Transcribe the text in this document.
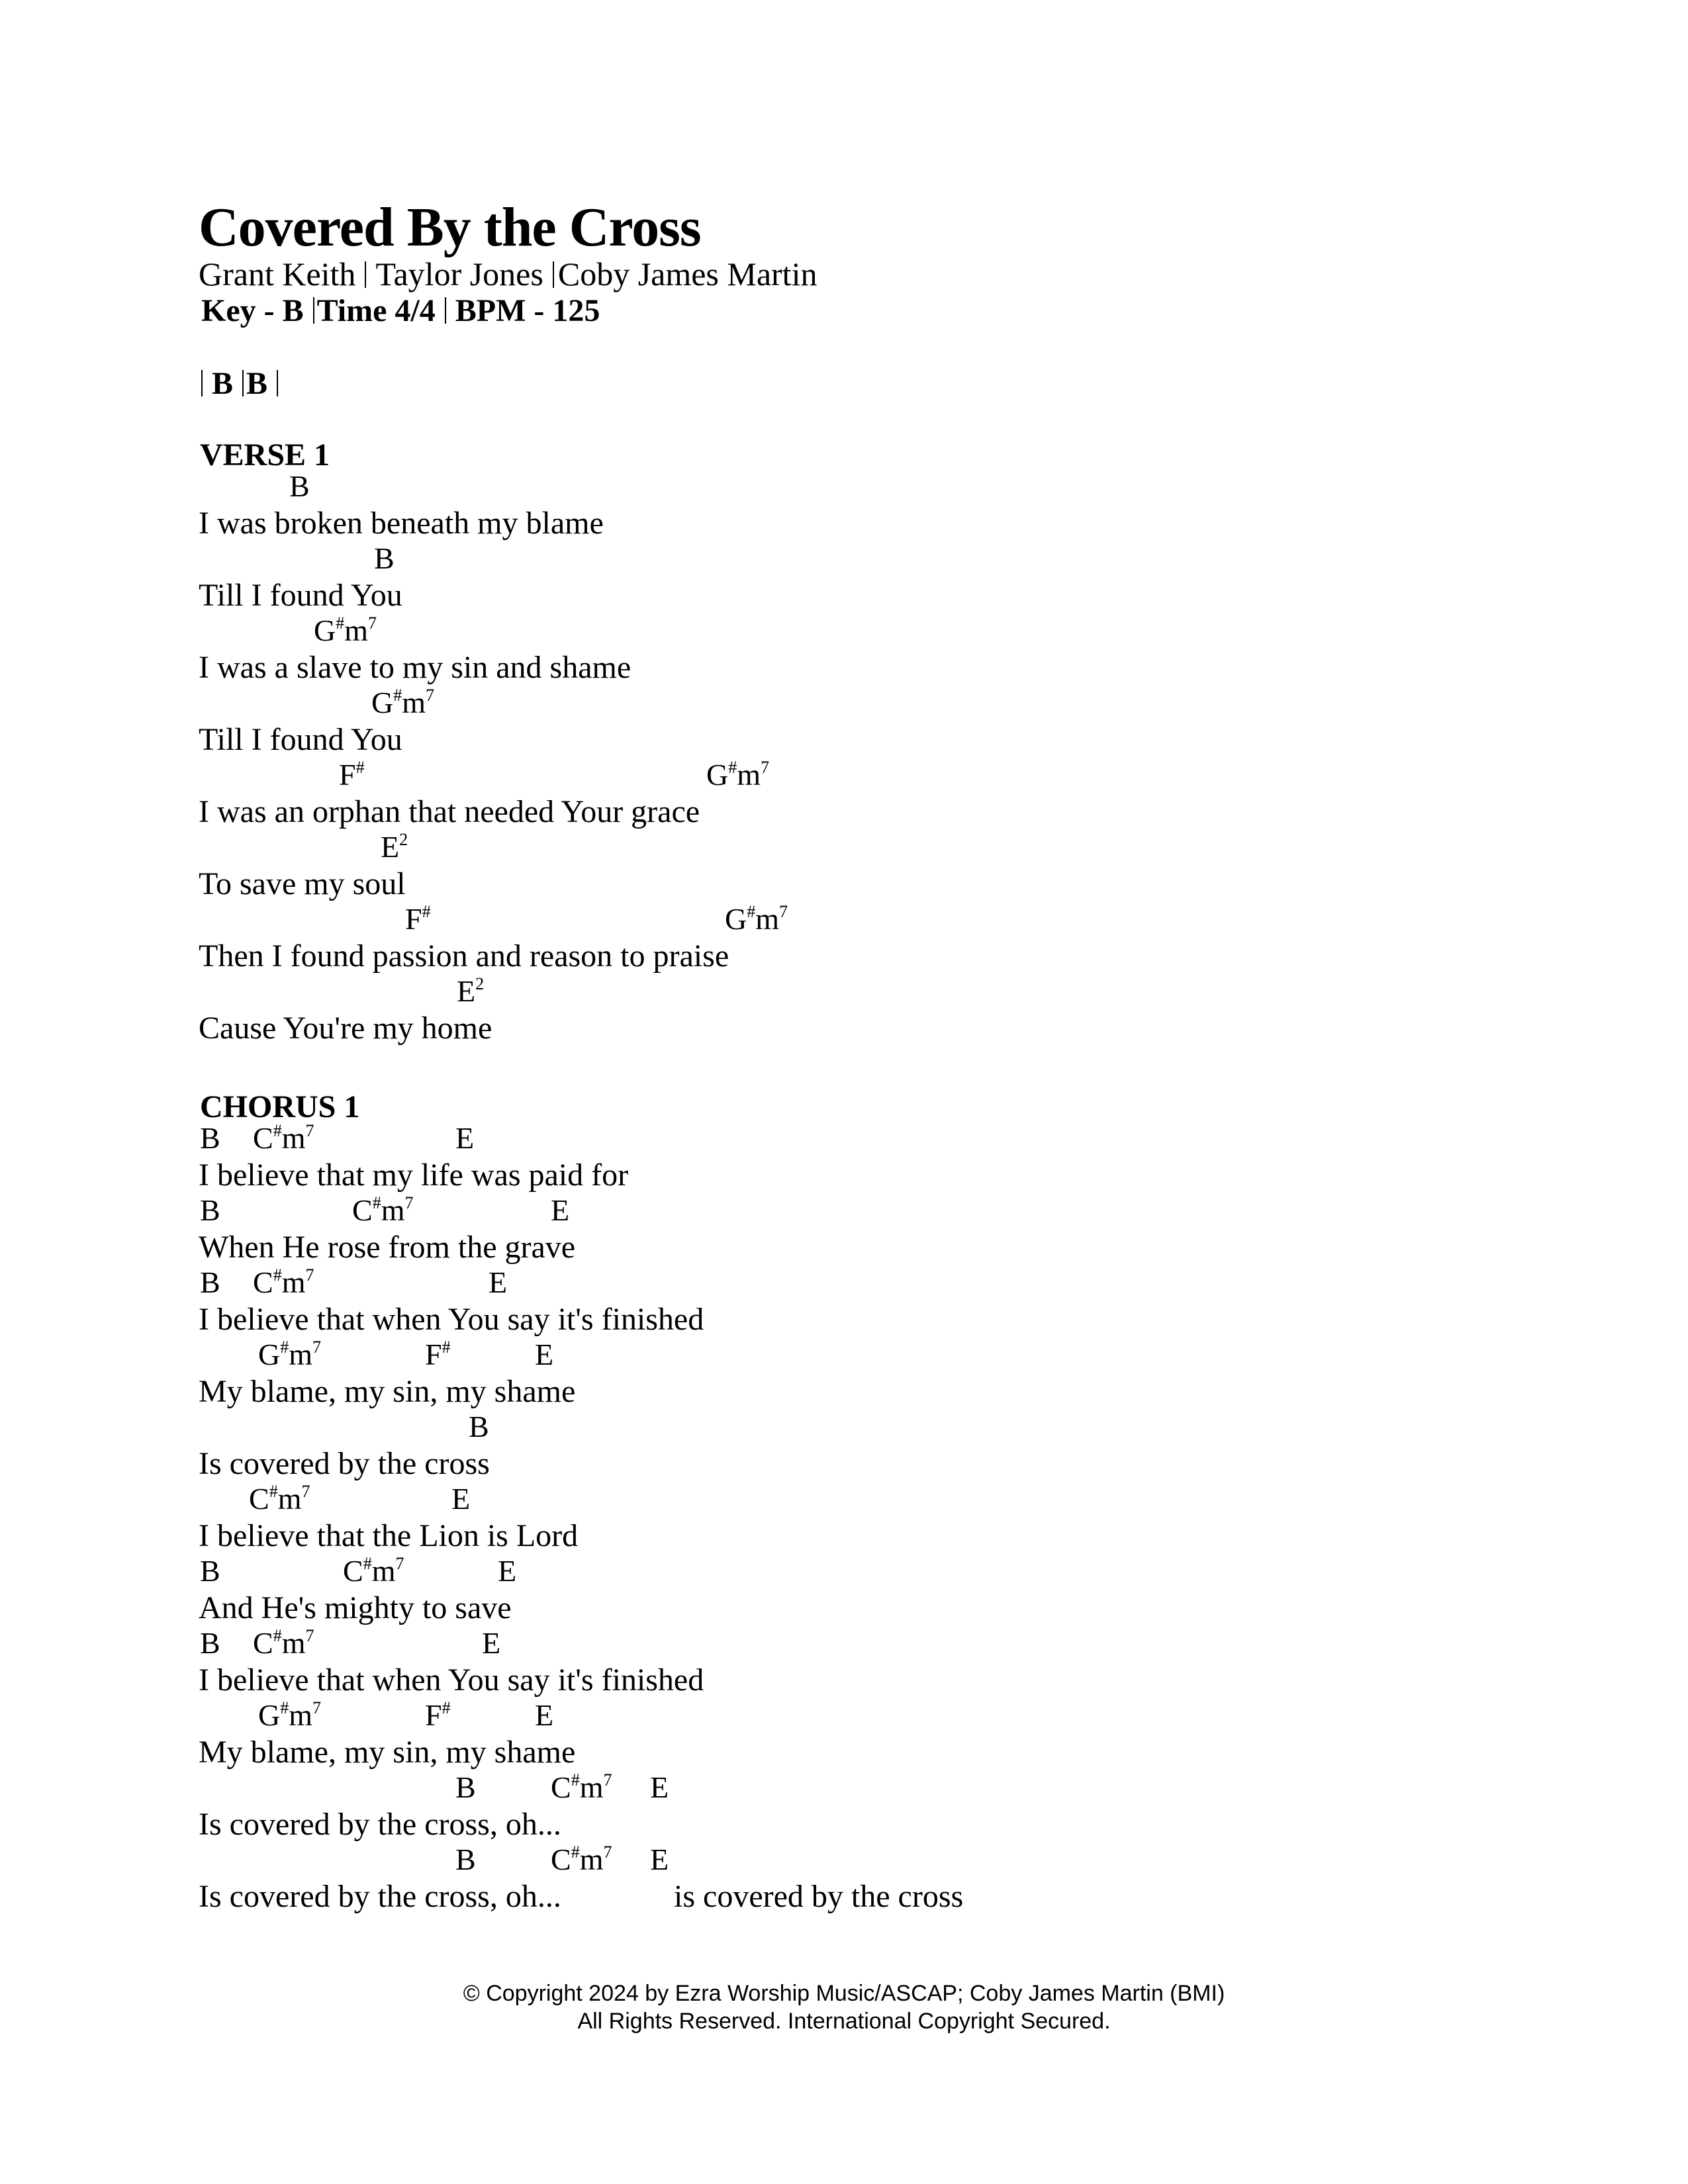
Covered By the Cross
Grant Keith Taylor Jones Coby James Martin
Key - B Time 4/4 BPM - 125
B B
VERSE 1
B
I was broken beneath my blame
B
Till I found You
$G^{\#}m^7$
I was a slave to my sin and shame
$G^{\#}m^7$
Till I found You
F#	$G^{\#}m^7$
I was an orphan that needed Your grace
$E^2$
To save my soul
F#	$G^{\#}m^7$
Then I found passion and reason to praise
$E^2$
Cause You're my home
CHORUS 1
B $C^{\#}m^7$	E
I believe that my life was paid for
B	$C^{\#}m^7$	E
When He rose from the grave
B $C^{\#}m^7$	E
I believe that when You say it's finished
$G^{\#}m^7$	F#	E
My blame, my sin, my shame
B
Is covered by the cross
$C^{\#}m^7$	E
I believe that the Lion is Lord
B	$C^{\#}m^7$	E
And He's mighty to save
B $C^{\#}m^7$	E
I believe that when You say it's finished
$G^{\#}m^7$	F#	E
My blame, my sin, my shame
B $C^{\#}m^7$ E
Is covered by the cross, oh...
B $C^{\#}m^7$ E
Is covered by the cross, oh...	is covered by the cross
© Copyright 2024 by Ezra Worship Music/ASCAP; Coby James Martin (BMI)
All Rights Reserved. International Copyright Secured.
